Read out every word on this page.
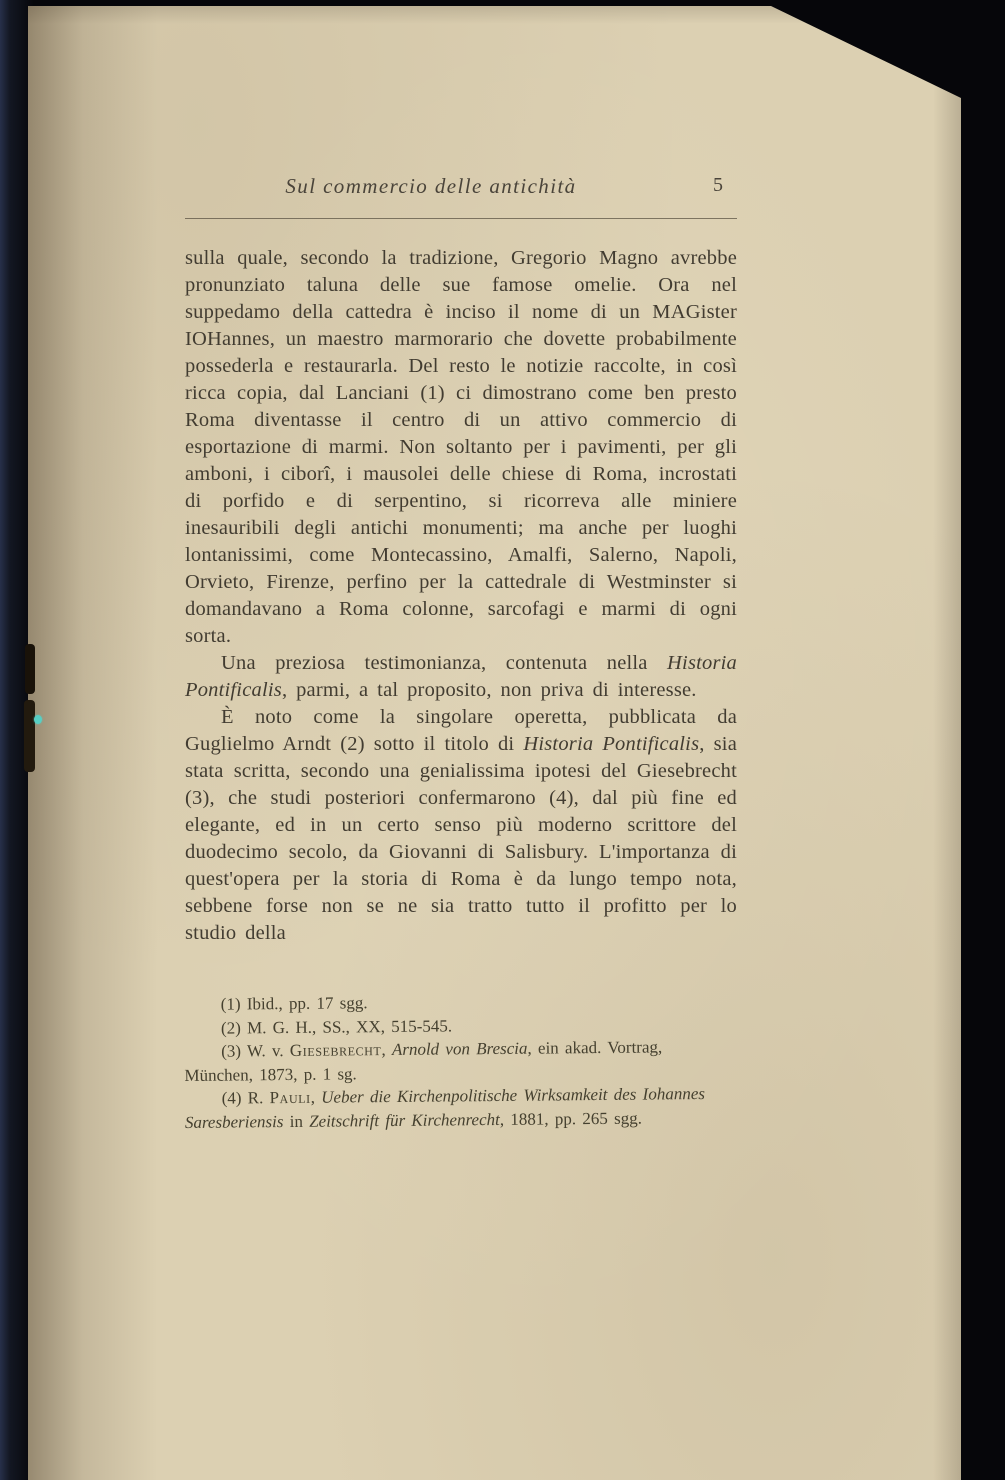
Sul commercio delle antichità	5

sulla quale, secondo la tradizione, Gregorio Magno avrebbe pronunziato taluna delle sue famose omelie. Ora nel suppedamo della cattedra è inciso il nome di un MAGister IOHannes, un maestro marmorario che dovette probabilmente possederla e restaurarla. Del resto le notizie raccolte, in così ricca copia, dal Lanciani (1) ci dimostrano come ben presto Roma diventasse il centro di un attivo commercio di esportazione di marmi. Non soltanto per i pavimenti, per gli amboni, i ciborî, i mausolei delle chiese di Roma, incrostati di porfido e di serpentino, si ricorreva alle miniere inesauribili degli antichi monumenti; ma anche per luoghi lontanissimi, come Montecassino, Amalfi, Salerno, Napoli, Orvieto, Firenze, perfino per la cattedrale di Westminster si domandavano a Roma colonne, sarcofagi e marmi di ogni sorta.

Una preziosa testimonianza, contenuta nella Historia Pontificalis, parmi, a tal proposito, non priva di interesse.

È noto come la singolare operetta, pubblicata da Guglielmo Arndt (2) sotto il titolo di Historia Pontificalis, sia stata scritta, secondo una genialissima ipotesi del Giesebrecht (3), che studi posteriori confermarono (4), dal più fine ed elegante, ed in un certo senso più moderno scrittore del duodecimo secolo, da Giovanni di Salisbury. L'importanza di quest'opera per la storia di Roma è da lungo tempo nota, sebbene forse non se ne sia tratto tutto il profitto per lo studio della

(1) Ibid., pp. 17 sgg.

(2) M. G. H., SS., XX, 515-545.

(3) W. v. Giesebrecht, Arnold von Brescia, ein akad. Vortrag, München, 1873, p. 1 sg.

(4) R. Pauli, Ueber die Kirchenpolitische Wirksamkeit des Iohannes Saresberiensis in Zeitschrift für Kirchenrecht, 1881, pp. 265 sgg.
